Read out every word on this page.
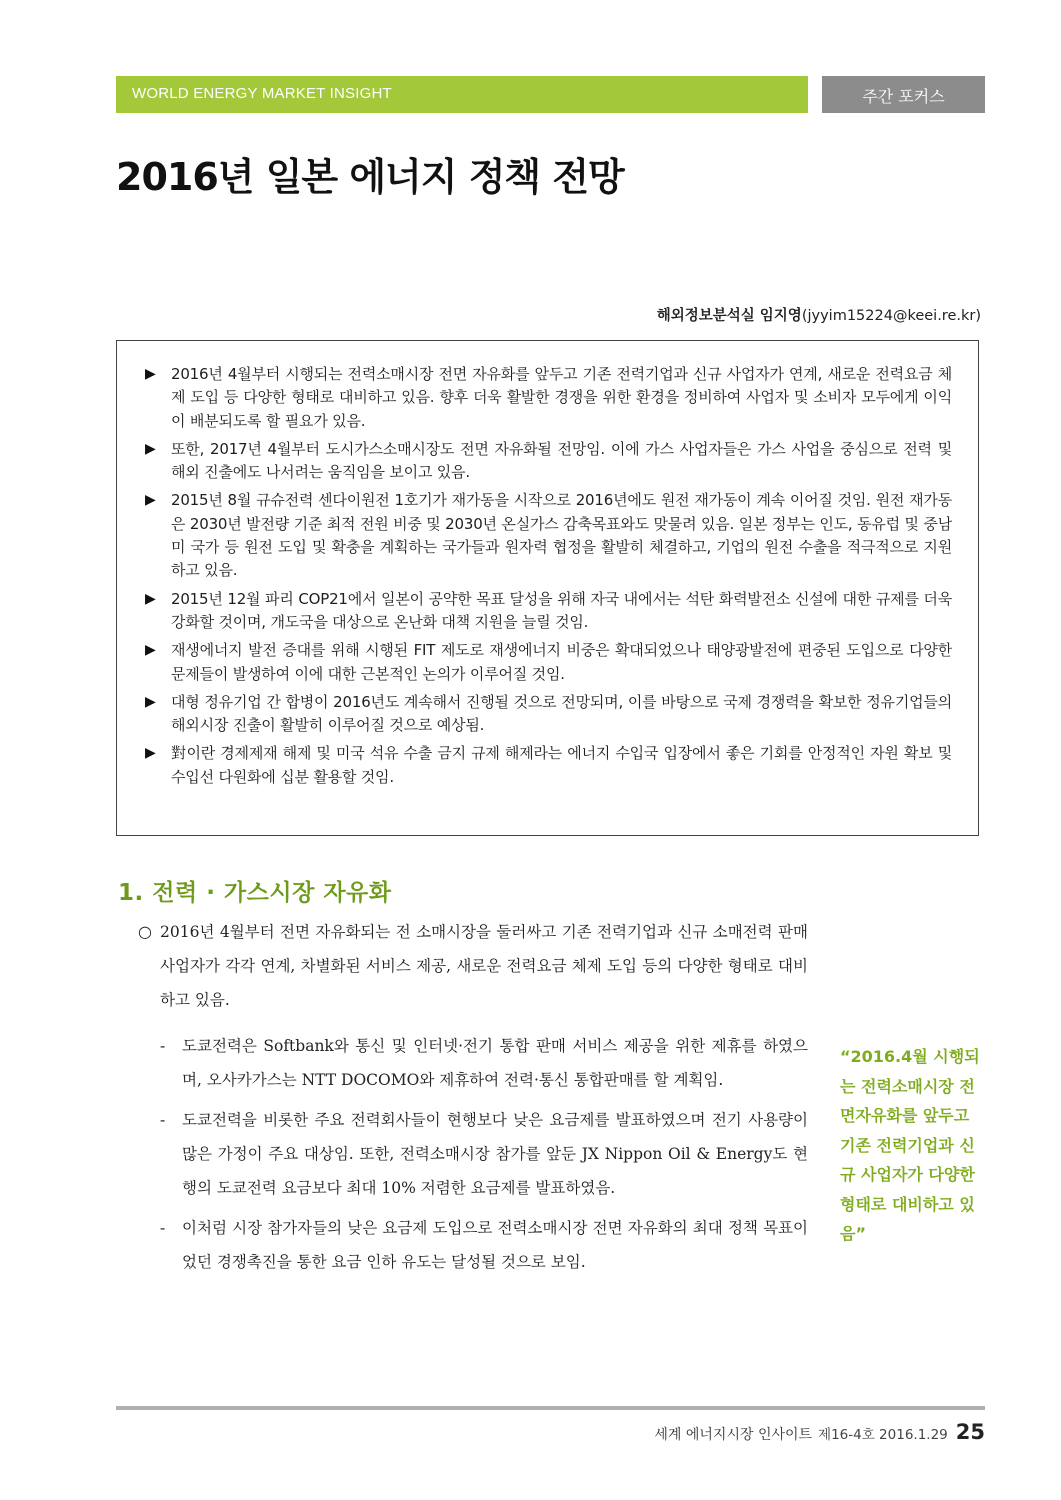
WORLD ENERGY MARKET INSIGHT	주간 포커스
2016년 일본 에너지 정책 전망
해외정보분석실 임지영(jyyim15224@keei.re.kr)
▶ 2016년 4월부터 시행되는 전력소매시장 전면 자유화를 앞두고 기존 전력기업과 신규 사업자가 연계, 새로운 전력요금 체제 도입 등 다양한 형태로 대비하고 있음. 향후 더욱 활발한 경쟁을 위한 환경을 정비하여 사업자 및 소비자 모두에게 이익이 배분되도록 할 필요가 있음.
▶ 또한, 2017년 4월부터 도시가스소매시장도 전면 자유화될 전망임. 이에 가스 사업자들은 가스 사업을 중심으로 전력 및 해외 진출에도 나서려는 움직임을 보이고 있음.
▶ 2015년 8월 규슈전력 센다이원전 1호기가 재가동을 시작으로 2016년에도 원전 재가동이 계속 이어질 것임. 원전 재가동은 2030년 발전량 기준 최적 전원 비중 및 2030년 온실가스 감축목표와도 맞물려 있음. 일본 정부는 인도, 동유럽 및 중남미 국가 등 원전 도입 및 확충을 계획하는 국가들과 원자력 협정을 활발히 체결하고, 기업의 원전 수출을 적극적으로 지원하고 있음.
▶ 2015년 12월 파리 COP21에서 일본이 공약한 목표 달성을 위해 자국 내에서는 석탄 화력발전소 신설에 대한 규제를 더욱 강화할 것이며, 개도국을 대상으로 온난화 대책 지원을 늘릴 것임.
▶ 재생에너지 발전 증대를 위해 시행된 FIT 제도로 재생에너지 비중은 확대되었으나 태양광발전에 편중된 도입으로 다양한 문제들이 발생하여 이에 대한 근본적인 논의가 이루어질 것임.
▶ 대형 정유기업 간 합병이 2016년도 계속해서 진행될 것으로 전망되며, 이를 바탕으로 국제 경쟁력을 확보한 정유기업들의 해외시장 진출이 활발히 이루어질 것으로 예상됨.
▶ 對이란 경제제재 해제 및 미국 석유 수출 금지 규제 해제라는 에너지 수입국 입장에서 좋은 기회를 안정적인 자원 확보 및 수입선 다원화에 십분 활용할 것임.
1. 전력 · 가스시장 자유화

○ 2016년 4월부터 전면 자유화되는 전 소매시장을 둘러싸고 기존 전력기업과 신규 소매전력 판매사업자가 각각 연계, 차별화된 서비스 제공, 새로운 전력요금 체제 도입 등의 다양한 형태로 대비하고 있음.

- 도쿄전력은 Softbank와 통신 및 인터넷·전기 통합 판매 서비스 제공을 위한 제휴를 하였으며, 오사카가스는 NTT DOCOMO와 제휴하여 전력·통신 통합판매를 할 계획임.

- 도쿄전력을 비롯한 주요 전력회사들이 현행보다 낮은 요금제를 발표하였으며 전기 사용량이 많은 가정이 주요 대상임. 또한, 전력소매시장 참가를 앞둔 JX Nippon Oil & Energy도 현행의 도쿄전력 요금보다 최대 10% 저렴한 요금제를 발표하였음.

- 이처럼 시장 참가자들의 낮은 요금제 도입으로 전력소매시장 전면 자유화의 최대 정책 목표이었던 경쟁촉진을 통한 요금 인하 유도는 달성될 것으로 보임.

“2016.4월 시행되는 전력소매시장 전면자유화를 앞두고 기존 전력기업과 신규 사업자가 다양한 형태로 대비하고 있음”

세계 에너지시장 인사이트 제16-4호 2016.1.29 25
